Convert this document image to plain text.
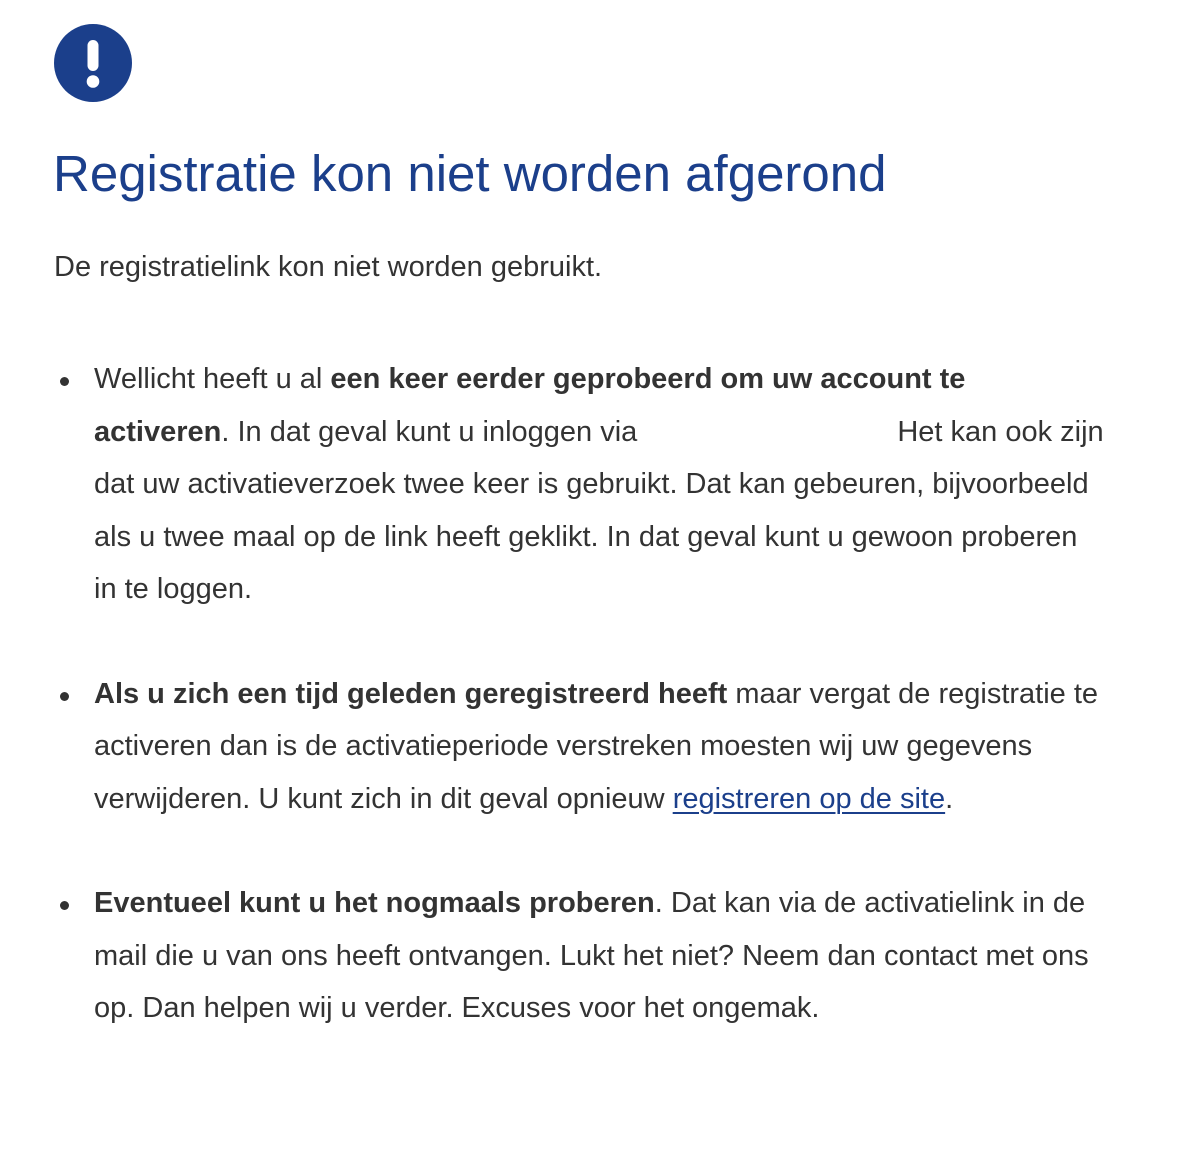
Registratie kon niet worden afgerond

De registratielink kon niet worden gebruikt.

Wellicht heeft u al een keer eerder geprobeerd om uw account te activeren. In dat geval kunt u inloggen via	Het kan ook zijn dat uw activatieverzoek twee keer is gebruikt. Dat kan gebeuren, bijvoorbeeld als u twee maal op de link heeft geklikt. In dat geval kunt u gewoon proberen in te loggen.
Als u zich een tijd geleden geregistreerd heeft maar vergat de registratie te activeren dan is de activatieperiode verstreken moesten wij uw gegevens verwijderen. U kunt zich in dit geval opnieuw registreren op de site.
Eventueel kunt u het nogmaals proberen. Dat kan via de activatielink in de mail die u van ons heeft ontvangen. Lukt het niet? Neem dan contact met ons op. Dan helpen wij u verder. Excuses voor het ongemak.
